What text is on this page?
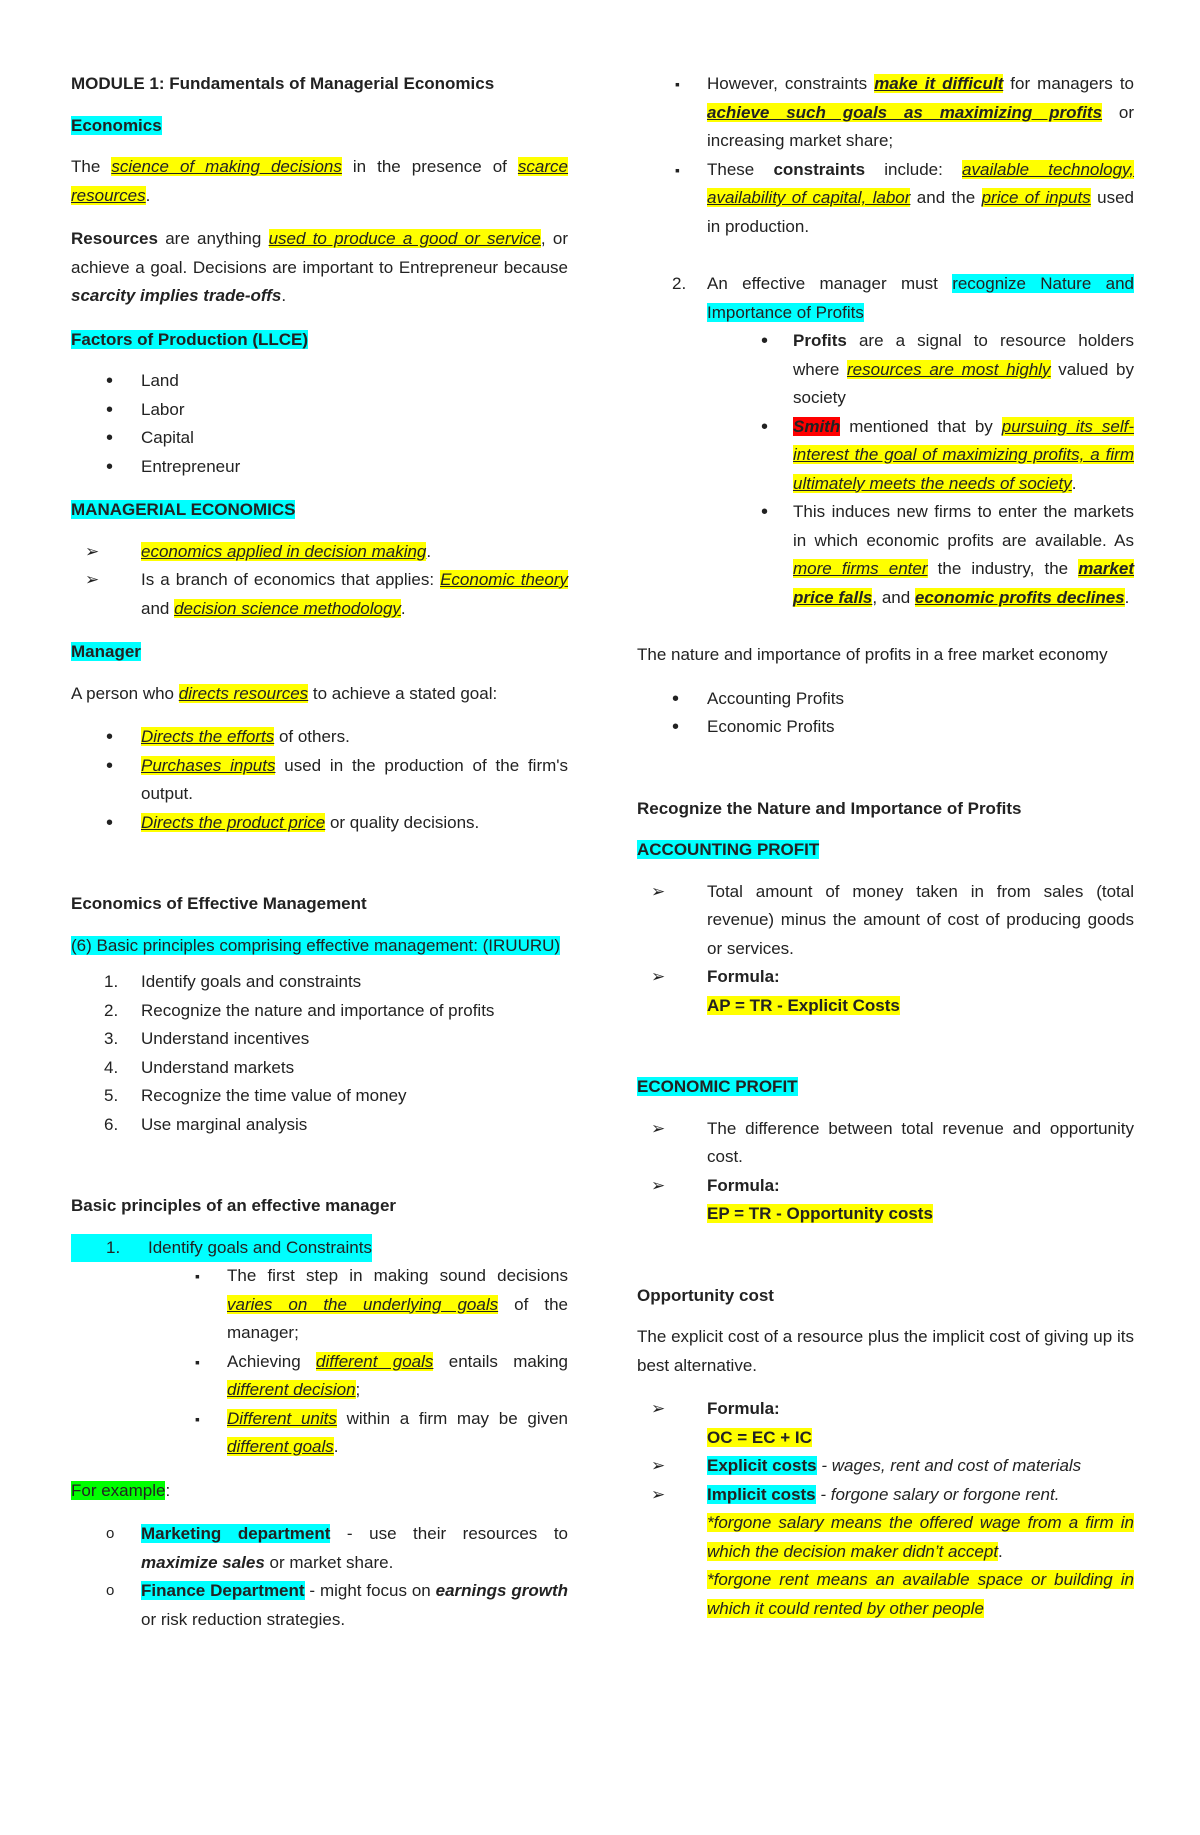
MODULE 1: Fundamentals of Managerial Economics

Economics

The science of making decisions in the presence of scarce resources.

Resources are anything used to produce a good or service, or achieve a goal. Decisions are important to Entrepreneur because scarcity implies trade-offs.

Factors of Production (LLCE)

• Land
• Labor
• Capital
• Entrepreneur

MANAGERIAL ECONOMICS

➢ economics applied in decision making.
➢ Is a branch of economics that applies: Economic theory and decision science methodology.

Manager

A person who directs resources to achieve a stated goal:

• Directs the efforts of others.
• Purchases inputs used in the production of the firm's output.
• Directs the product price or quality decisions.

Economics of Effective Management

(6) Basic principles comprising effective management: (IRUURU)

1. Identify goals and constraints
2. Recognize the nature and importance of profits
3. Understand incentives
4. Understand markets
5. Recognize the time value of money
6. Use marginal analysis

Basic principles of an effective manager

1. Identify goals and Constraints

▪ The first step in making sound decisions varies on the underlying goals of the manager;
▪ Achieving different goals entails making different decision;
▪ Different units within a firm may be given different goals.

For example:

o Marketing department - use their resources to maximize sales or market share.
o Finance Department - might focus on earnings growth or risk reduction strategies.
▪ However, constraints make it difficult for managers to achieve such goals as maximizing profits or increasing market share;
▪ These constraints include: available technology, availability of capital, labor and the price of inputs used in production.

2. An effective manager must recognize Nature and Importance of Profits

• Profits are a signal to resource holders where resources are most highly valued by society
• Smith mentioned that by pursuing its self-interest the goal of maximizing profits, a firm ultimately meets the needs of society.
• This induces new firms to enter the markets in which economic profits are available. As more firms enter the industry, the market price falls, and economic profits declines.

The nature and importance of profits in a free market economy

• Accounting Profits
• Economic Profits

Recognize the Nature and Importance of Profits

ACCOUNTING PROFIT

➢ Total amount of money taken in from sales (total revenue) minus the amount of cost of producing goods or services.
➢ Formula:
AP = TR - Explicit Costs

ECONOMIC PROFIT

➢ The difference between total revenue and opportunity cost.
➢ Formula:
EP = TR - Opportunity costs

Opportunity cost

The explicit cost of a resource plus the implicit cost of giving up its best alternative.

➢ Formula:
OC = EC + IC
➢ Explicit costs - wages, rent and cost of materials
➢ Implicit costs - forgone salary or forgone rent.
*forgone salary means the offered wage from a firm in which the decision maker didn’t accept.
*forgone rent means an available space or building in which it could rented by other people
